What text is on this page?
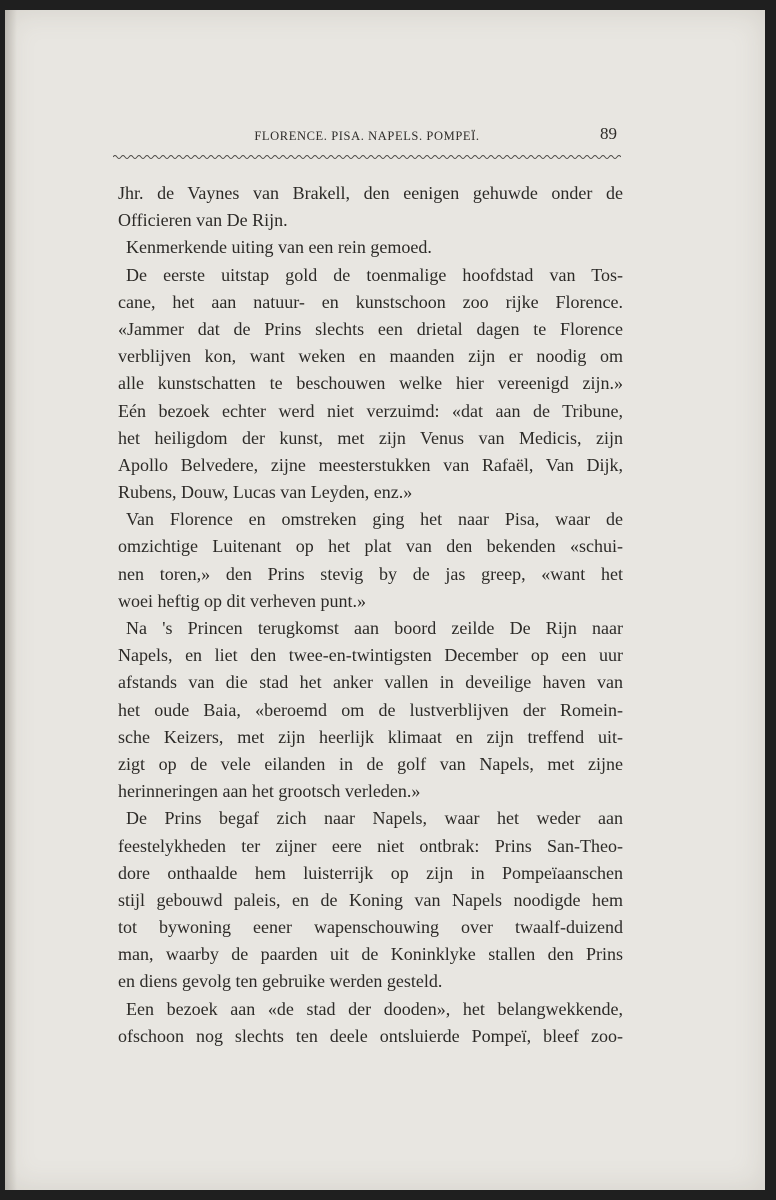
FLORENCE. PISA. NAPELS. POMPEÏ.	89
Jhr. de Vaynes van Brakell, den eenigen gehuwde onder de
Officieren van De Rijn.
Kenmerkende uiting van een rein gemoed.
De eerste uitstap gold de toenmalige hoofdstad van Tos-
cane, het aan natuur- en kunstschoon zoo rijke Florence.
«Jammer dat de Prins slechts een drietal dagen te Florence
verblijven kon, want weken en maanden zijn er noodig om
alle kunstschatten te beschouwen welke hier vereenigd zijn.»
Eén bezoek echter werd niet verzuimd: «dat aan de Tribune,
het heiligdom der kunst, met zijn Venus van Medicis, zijn
Apollo Belvedere, zijne meesterstukken van Rafaël, Van Dijk,
Rubens, Douw, Lucas van Leyden, enz.»
Van Florence en omstreken ging het naar Pisa, waar de
omzichtige Luitenant op het plat van den bekenden «schui-
nen toren,» den Prins stevig by de jas greep, «want het
woei heftig op dit verheven punt.»
Na 's Princen terugkomst aan boord zeilde De Rijn naar
Napels, en liet den twee-en-twintigsten December op een uur
afstands van die stad het anker vallen in deveilige haven van
het oude Baia, «beroemd om de lustverblijven der Romein-
sche Keizers, met zijn heerlijk klimaat en zijn treffend uit-
zigt op de vele eilanden in de golf van Napels, met zijne
herinneringen aan het grootsch verleden.»
De Prins begaf zich naar Napels, waar het weder aan
feestelykheden ter zijner eere niet ontbrak: Prins San-Theo-
dore onthaalde hem luisterrijk op zijn in Pompeïaanschen
stijl gebouwd paleis, en de Koning van Napels noodigde hem
tot bywoning eener wapenschouwing over twaalf-duizend
man, waarby de paarden uit de Koninklyke stallen den Prins
en diens gevolg ten gebruike werden gesteld.
Een bezoek aan «de stad der dooden», het belangwekkende,
ofschoon nog slechts ten deele ontsluierde Pompeï, bleef zoo-
